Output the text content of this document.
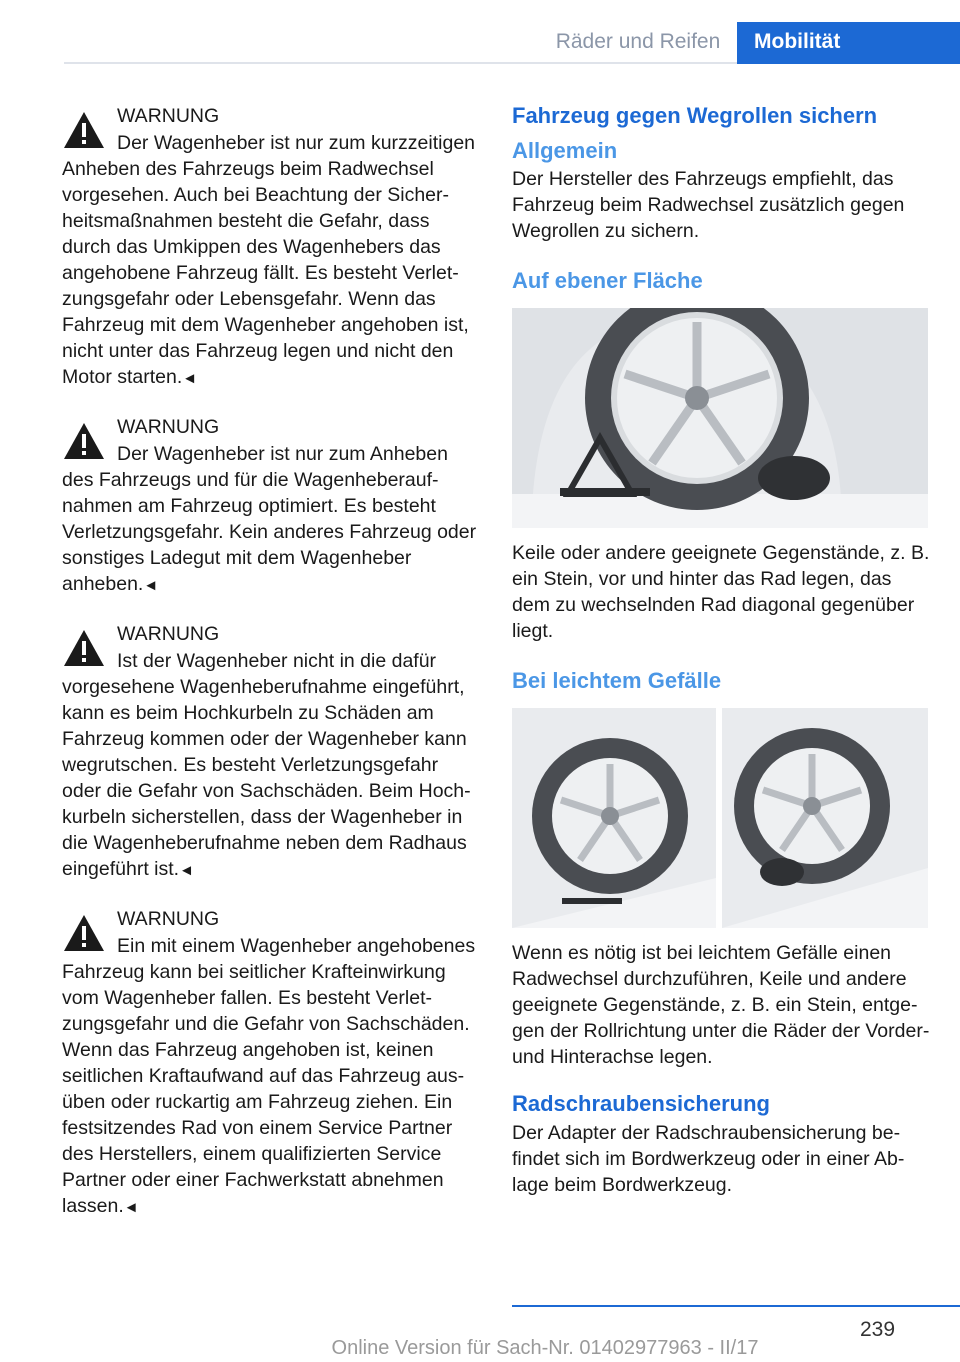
Räder und Reifen	Mobilität
WARNUNG

Der Wagenheber ist nur zum kurzzeitigen Anheben des Fahrzeugs beim Radwechsel vorgesehen. Auch bei Beachtung der Sicherheitsmaßnahmen besteht die Gefahr, dass durch das Umkippen des Wagenhebers das angehobene Fahrzeug fällt. Es besteht Verletzungsgefahr oder Lebensgefahr. Wenn das Fahrzeug mit dem Wagenheber angehoben ist, nicht unter das Fahrzeug legen und nicht den Motor starten.◄

WARNUNG

Der Wagenheber ist nur zum Anheben des Fahrzeugs und für die Wagenheberaufnahmen am Fahrzeug optimiert. Es besteht Verletzungsgefahr. Kein anderes Fahrzeug oder sonstiges Ladegut mit dem Wagenheber anheben.◄

WARNUNG

Ist der Wagenheber nicht in die dafür vorgesehene Wagenheberufnahme eingeführt, kann es beim Hochkurbeln zu Schäden am Fahrzeug kommen oder der Wagenheber kann wegrutschen. Es besteht Verletzungsgefahr oder die Gefahr von Sachschäden. Beim Hochkurbeln sicherstellen, dass der Wagenheber in die Wagenheberufnahme neben dem Radhaus eingeführt ist.◄

WARNUNG

Ein mit einem Wagenheber angehobenes Fahrzeug kann bei seitlicher Krafteinwirkung vom Wagenheber fallen. Es besteht Verletzungsgefahr und die Gefahr von Sachschäden. Wenn das Fahrzeug angehoben ist, keinen seitlichen Kraftaufwand auf das Fahrzeug ausüben oder ruckartig am Fahrzeug ziehen. Ein festsitzendes Rad von einem Service Partner des Herstellers, einem qualifizierten Service Partner oder einer Fachwerkstatt abnehmen lassen.◄

Fahrzeug gegen Wegrollen sichern
Allgemein

Der Hersteller des Fahrzeugs empfiehlt, das Fahrzeug beim Radwechsel zusätzlich gegen Wegrollen zu sichern.

Auf ebener Fläche

Keile oder andere geeignete Gegenstände, z. B. ein Stein, vor und hinter das Rad legen, das dem zu wechselnden Rad diagonal gegenüber liegt.

Bei leichtem Gefälle

Wenn es nötig ist bei leichtem Gefälle einen Radwechsel durchzuführen, Keile und andere geeignete Gegenstände, z. B. ein Stein, entgegen der Rollrichtung unter die Räder der Vorder- und Hinterachse legen.

Radschraubensicherung

Der Adapter der Radschraubensicherung befindet sich im Bordwerkzeug oder in einer Ablage beim Bordwerkzeug.

239
Online Version für Sach-Nr. 01402977963 - II/17
